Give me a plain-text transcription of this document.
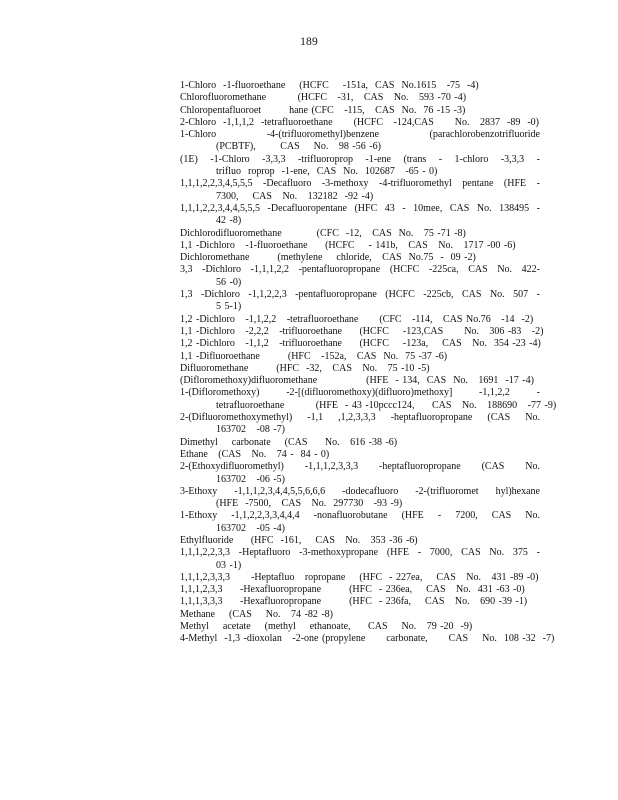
189
1-Chloro  -1-fluoroethane    (HCFC    -151a,  CAS  No.1615   -75  -4)
Chlorofluoromethane         (HCFC   -31,   CAS   No.   593 -70 -4)
Chloropentafluoroet        hane (CFC   -115,   CAS  No.  76 -15 -3)
2-Chloro  -1,1,1,2  -tetrafluoroethane      (HCFC   -124,CAS      No.   2837  -89  -0)
1-Chloro -4-(trifluoromethyl)benzene (parachlorobenzotrifluoride
(PCBTF),       CAS    No.   98 -56 -6)
(1E) -1-Chloro -3,3,3 -trifluoroprop -1-ene (trans - 1-chloro -3,3,3 -
trifluo  roprop  -1-ene,  CAS  No.  102687   -65 - 0)
1,1,1,2,2,3,4,5,5,5 -Decafluoro -3-methoxy -4-trifluoromethyl pentane (HFE -
7300,    CAS   No.   132182  -92 -4)
1,1,1,2,2,3,4,4,5,5,5 -Decafluoropentane (HFC 43 - 10mee, CAS No. 138495 -
42 -8)
Dichlorodifluoromethane          (CFC  -12,   CAS  No.   75 -71 -8)
1,1 -Dichloro   -1-fluoroethane     (HCFC    - 141b,   CAS   No.   1717 -00 -6)
Dichloromethane        (methylene    chloride,   CAS  No.75  -  09 -2)
3,3 -Dichloro -1,1,1,2,2 -pentafluoropropane (HCFC -225ca, CAS No. 422-
56 -0)
1,3 -Dichloro -1,1,2,2,3 -pentafluoropropane (HCFC -225cb, CAS No. 507 -
5 5-1)
1,2 -Dichloro   -1,1,2,2   -tetrafluoroethane      (CFC   -114,   CAS No.76   -14  -2)
1,1 -Dichloro   -2,2,2   -trifluoroethane     (HCFC    -123,CAS      No.   306 -83   -2)
1,2 -Dichloro   -1,1,2   -trifluoroethane     (HCFC    -123a,    CAS   No.  354 -23 -4)
1,1 -Difluoroethane        (HFC   -152a,   CAS  No.  75 -37 -6)
Difluoromethane        (HFC  -32,   CAS   No.   75 -10 -5)
(Difloromethoxy)difluoromethane              (HFE  - 134,  CAS  No.   1691  -17 -4)
1-(Difloromethoxy) -2-[(difluoromethoxy)(difluoro)methoxy] -1,1,2,2 -
tetrafluoroethane         (HFE  - 43 -10pccc124,     CAS   No.   188690   -77 -9)
2-(Difluoromethoxymethyl) -1,1 ,1,2,3,3,3 -heptafluoropropane (CAS No.
163702   -08 -7)
Dimethyl    carbonate    (CAS     No.   616 -38 -6)
Ethane   (CAS   No.   74 -  84 - 0)
2-(Ethoxydifluoromethyl) -1,1,1,2,3,3,3 -heptafluoropropane (CAS No.
163702   -06 -5)
3-Ethoxy -1,1,1,2,3,4,4,5,5,6,6,6 -dodecafluoro -2-(trifluoromet hyl)hexane
(HFE  -7500,   CAS   No.  297730   -93 -9)
1-Ethoxy -1,1,2,2,3,3,4,4,4 -nonafluorobutane (HFE - 7200, CAS No.
163702   -05 -4)
Ethylfluoride     (HFC  -161,    CAS   No.   353 -36 -6)
1,1,1,2,2,3,3 -Heptafluoro -3-methoxypropane (HFE - 7000, CAS No. 375 -
03 -1)
1,1,1,2,3,3,3      -Heptafluo   ropropane    (HFC  - 227ea,    CAS   No.   431 -89 -0)
1,1,1,2,3,3     -Hexafluoropropane        (HFC  - 236ea,    CAS   No.  431 -63 -0)
1,1,1,3,3,3     -Hexafluoropropane        (HFC  - 236fa,    CAS   No.   690 -39 -1)
Methane    (CAS    No.   74 -82 -8)
Methyl    acetate    (methyl    ethanoate,     CAS    No.   79 -20  -9)
4-Methyl  -1,3 -dioxolan   -2-one (propylene      carbonate,      CAS    No.  108 -32  -7)
